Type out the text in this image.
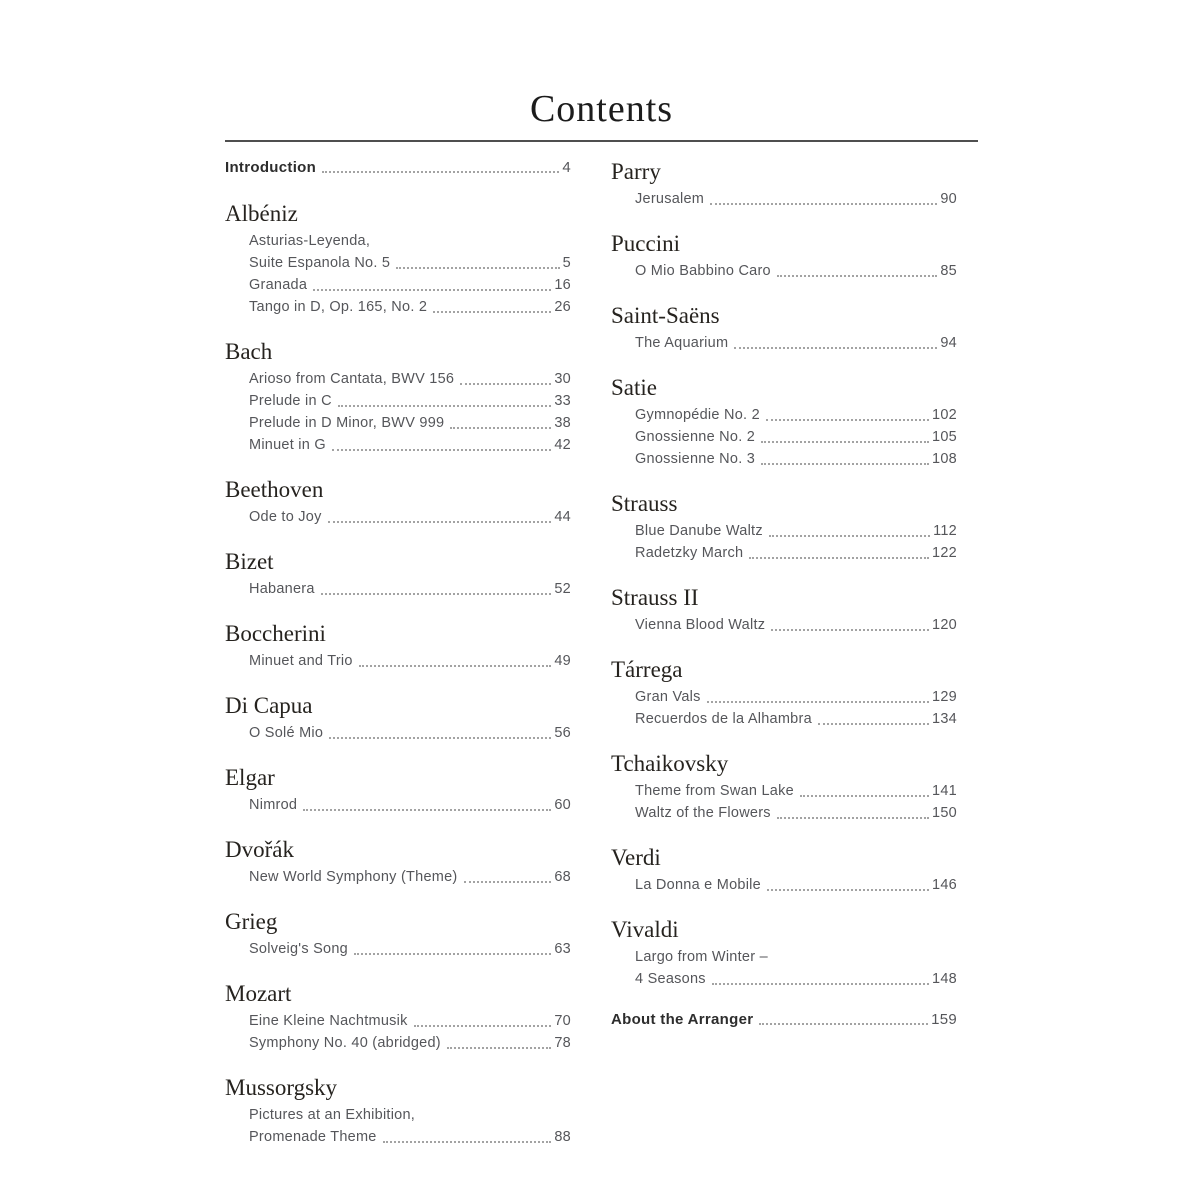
Contents
Introduction	4
Albéniz
Asturias-Leyenda,
Suite Espanola No. 5	5
Granada	16
Tango in D, Op. 165, No. 2	26
Bach
Arioso from Cantata, BWV 156	30
Prelude in C	33
Prelude in D Minor, BWV 999	38
Minuet in G	42
Beethoven
Ode to Joy	44
Bizet
Habanera	52
Boccherini
Minuet and Trio	49
Di Capua
O Solé Mio	56
Elgar
Nimrod	60
Dvořák
New World Symphony (Theme)	68
Grieg
Solveig's Song	63
Mozart
Eine Kleine Nachtmusik	70
Symphony No. 40 (abridged)	78
Mussorgsky
Pictures at an Exhibition,
Promenade Theme	88
Parry
Jerusalem	90
Puccini
O Mio Babbino Caro	85
Saint-Saëns
The Aquarium	94
Satie
Gymnopédie No. 2	102
Gnossienne No. 2	105
Gnossienne No. 3	108
Strauss
Blue Danube Waltz	112
Radetzky March	122
Strauss II
Vienna Blood Waltz	120
Tárrega
Gran Vals	129
Recuerdos de la Alhambra	134
Tchaikovsky
Theme from Swan Lake	141
Waltz of the Flowers	150
Verdi
La Donna e Mobile	146
Vivaldi
Largo from Winter –
4 Seasons	148
About the Arranger	159
